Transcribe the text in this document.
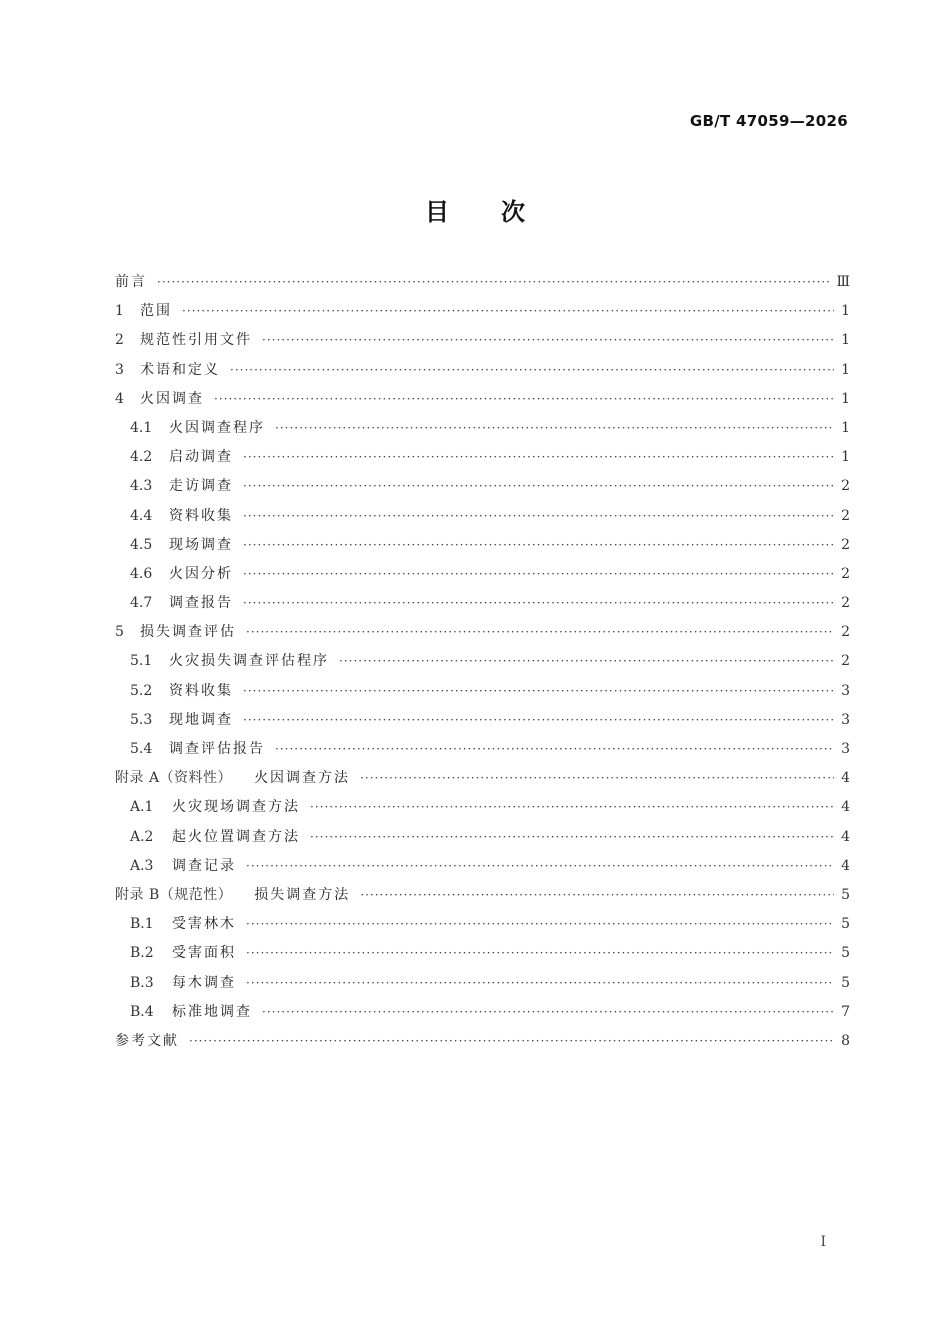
GB/T 47059—2026
目次
前言 ·····	Ⅲ
1	范围 ·····	1
2	规范性引用文件 ·····	1
3	术语和定义 ·····	1
4	火因调查 ·····	1
4.1	火因调查程序 ·····	1
4.2	启动调查 ·····	1
4.3	走访调查 ·····	2
4.4	资料收集 ·····	2
4.5	现场调查 ·····	2
4.6	火因分析 ·····	2
4.7	调查报告 ·····	2
5	损失调查评估 ·····	2
5.1	火灾损失调查评估程序 ·····	2
5.2	资料收集 ·····	3
5.3	现地调查 ·····	3
5.4	调查评估报告 ·····	3
附录 A（资料性） 火因调查方法 ·····	4
A.1	火灾现场调查方法 ·····	4
A.2	起火位置调查方法 ·····	4
A.3	调查记录 ·····	4
附录 B（规范性） 损失调查方法 ·····	5
B.1	受害林木 ·····	5
B.2	受害面积 ·····	5
B.3	每木调查 ·····	5
B.4	标准地调查 ·····	7
参考文献 ·····	8
Ⅰ
